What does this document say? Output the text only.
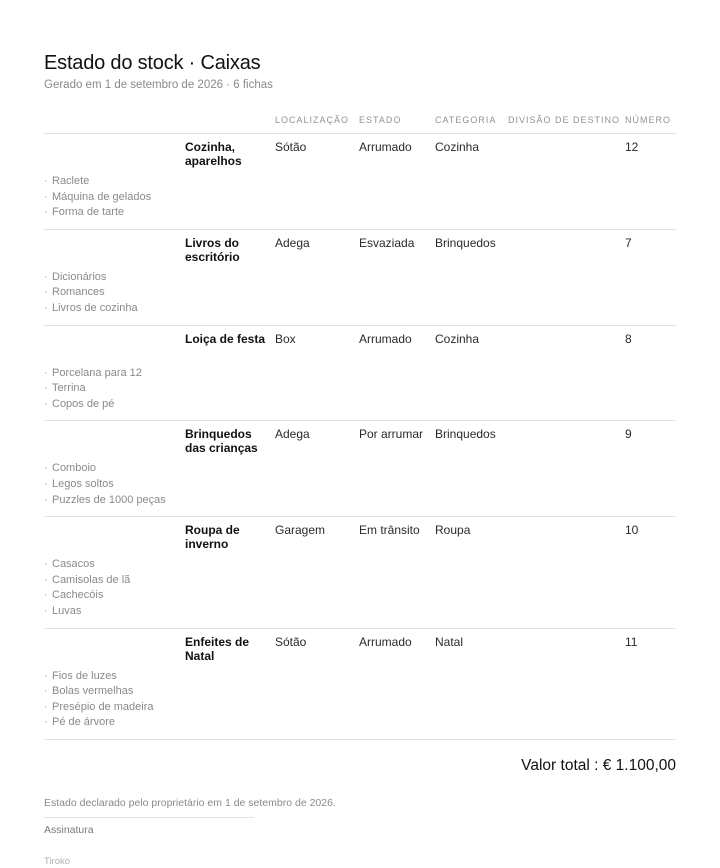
Estado do stock · Caixas
Gerado em 1 de setembro de 2026 · 6 fichas
		LOCALIZAÇÃO	ESTADO	CATEGORIA	DIVISÃO DE DESTINO	NÚMERO

· Raclete
· Máquina de gelados
· Forma de tarte	Cozinha, aparelhos	Sótão	Arrumado	Cozinha		12

· Dicionários
· Romances
· Livros de cozinha	Livros do escritório	Adega	Esvaziada	Brinquedos		7

· Porcelana para 12
· Terrina
· Copos de pé	Loiça de festa	Box	Arrumado	Cozinha		8

· Comboio
· Legos soltos
· Puzzles de 1000 peças	Brinquedos das crianças	Adega	Por arrumar	Brinquedos		9

· Casacos
· Camisolas de lã
· Cachecóis
· Luvas	Roupa de inverno	Garagem	Em trânsito	Roupa		10

· Fios de luzes
· Bolas vermelhas
· Presépio de madeira
· Pé de árvore	Enfeites de Natal	Sótão	Arrumado	Natal		11
Valor total : € 1.100,00
Estado declarado pelo proprietário em 1 de setembro de 2026.
Assinatura
Tiroko
